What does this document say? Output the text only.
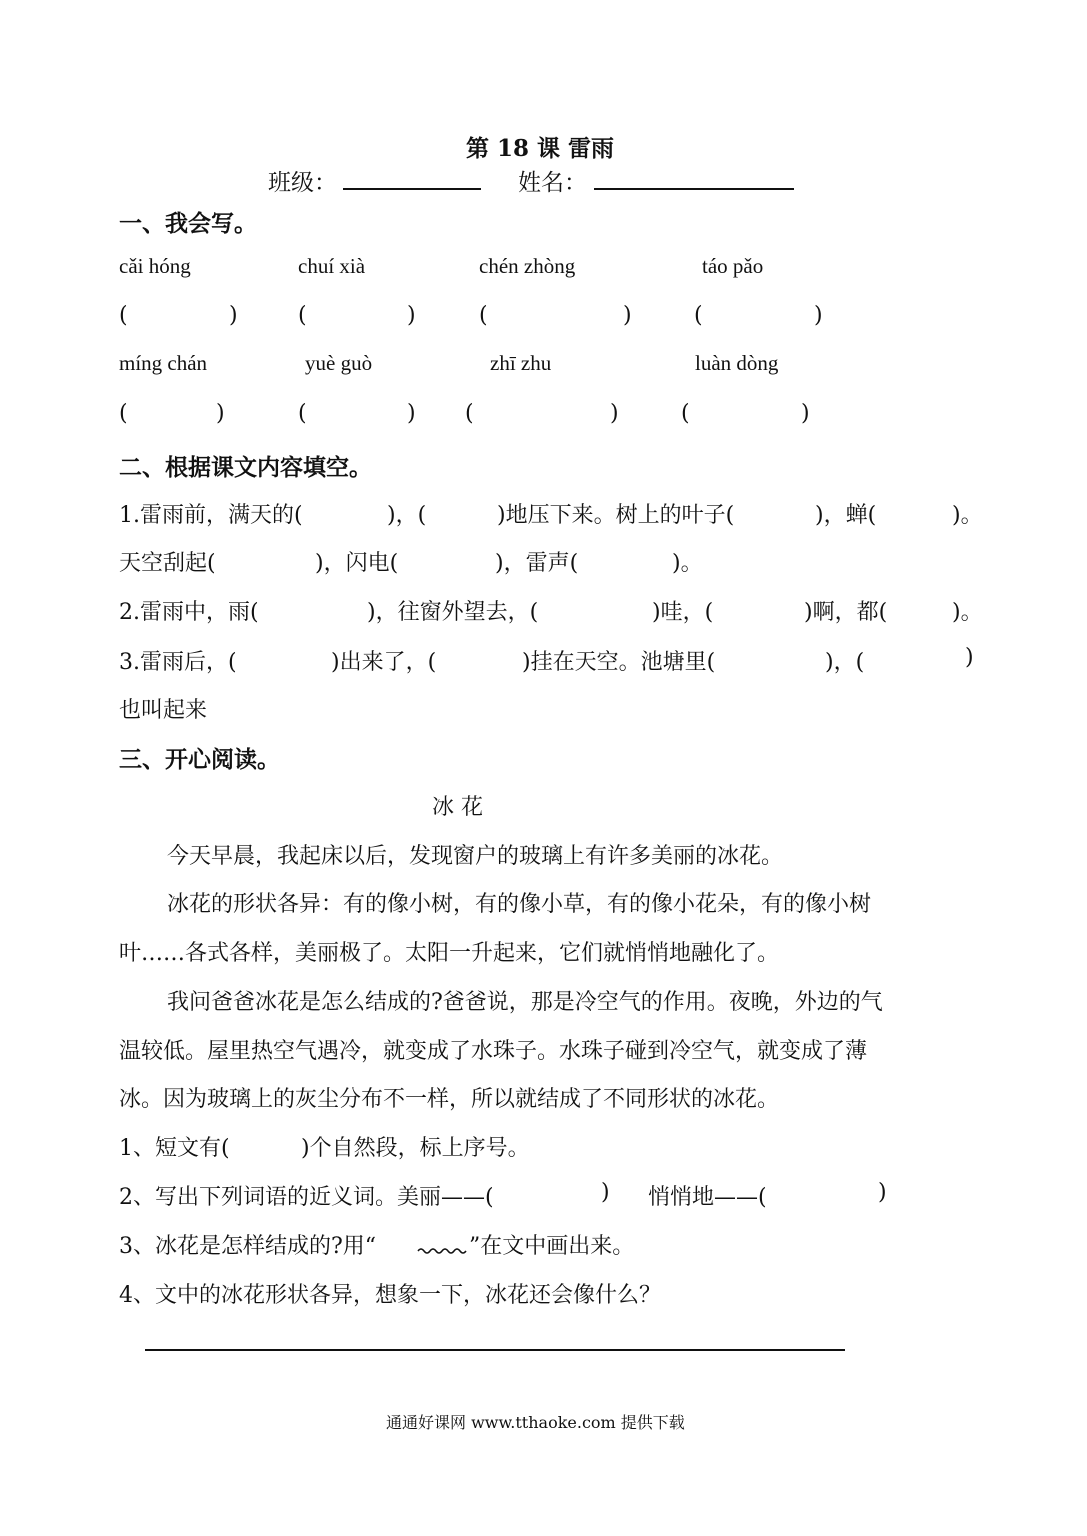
第 18 课 雷雨
班级：	姓名：
一、我会写。
cǎi hóng	chuí xià	chén zhòng	táo pǎo
(	)	(	)	(	)	(	)
míng chán	yuè guò	zhī zhu	luàn dòng
(	)	(	) (	)	(	)
二、根据课文内容填空。
1.雷雨前，满天的(	)，(	)地压下来。树上的叶子(	)，蝉(	)。
天空刮起(	)，闪电(	)，雷声(	)。
2.雷雨中，雨(	)，往窗外望去，(	)哇，(	)啊，都(	)。
3.雷雨后，(	)出来了，(	)挂在天空。池塘里(	)，(	)
也叫起来
三、开心阅读。
冰 花
今天早晨，我起床以后，发现窗户的玻璃上有许多美丽的冰花。
冰花的形状各异：有的像小树，有的像小草，有的像小花朵，有的像小树
叶……各式各样，美丽极了。太阳一升起来，它们就悄悄地融化了。
我问爸爸冰花是怎么结成的?爸爸说，那是冷空气的作用。夜晚，外边的气
温较低。屋里热空气遇冷，就变成了水珠子。水珠子碰到冷空气，就变成了薄
冰。因为玻璃上的灰尘分布不一样，所以就结成了不同形状的冰花。
1、短文有(	)个自然段，标上序号。
2、写出下列词语的近义词。美丽——(	) 悄悄地——(	)
3、冰花是怎样结成的?用“	”在文中画出来。
4、文中的冰花形状各异，想象一下，冰花还会像什么？
通通好课网 www.tthaoke.com 提供下载
